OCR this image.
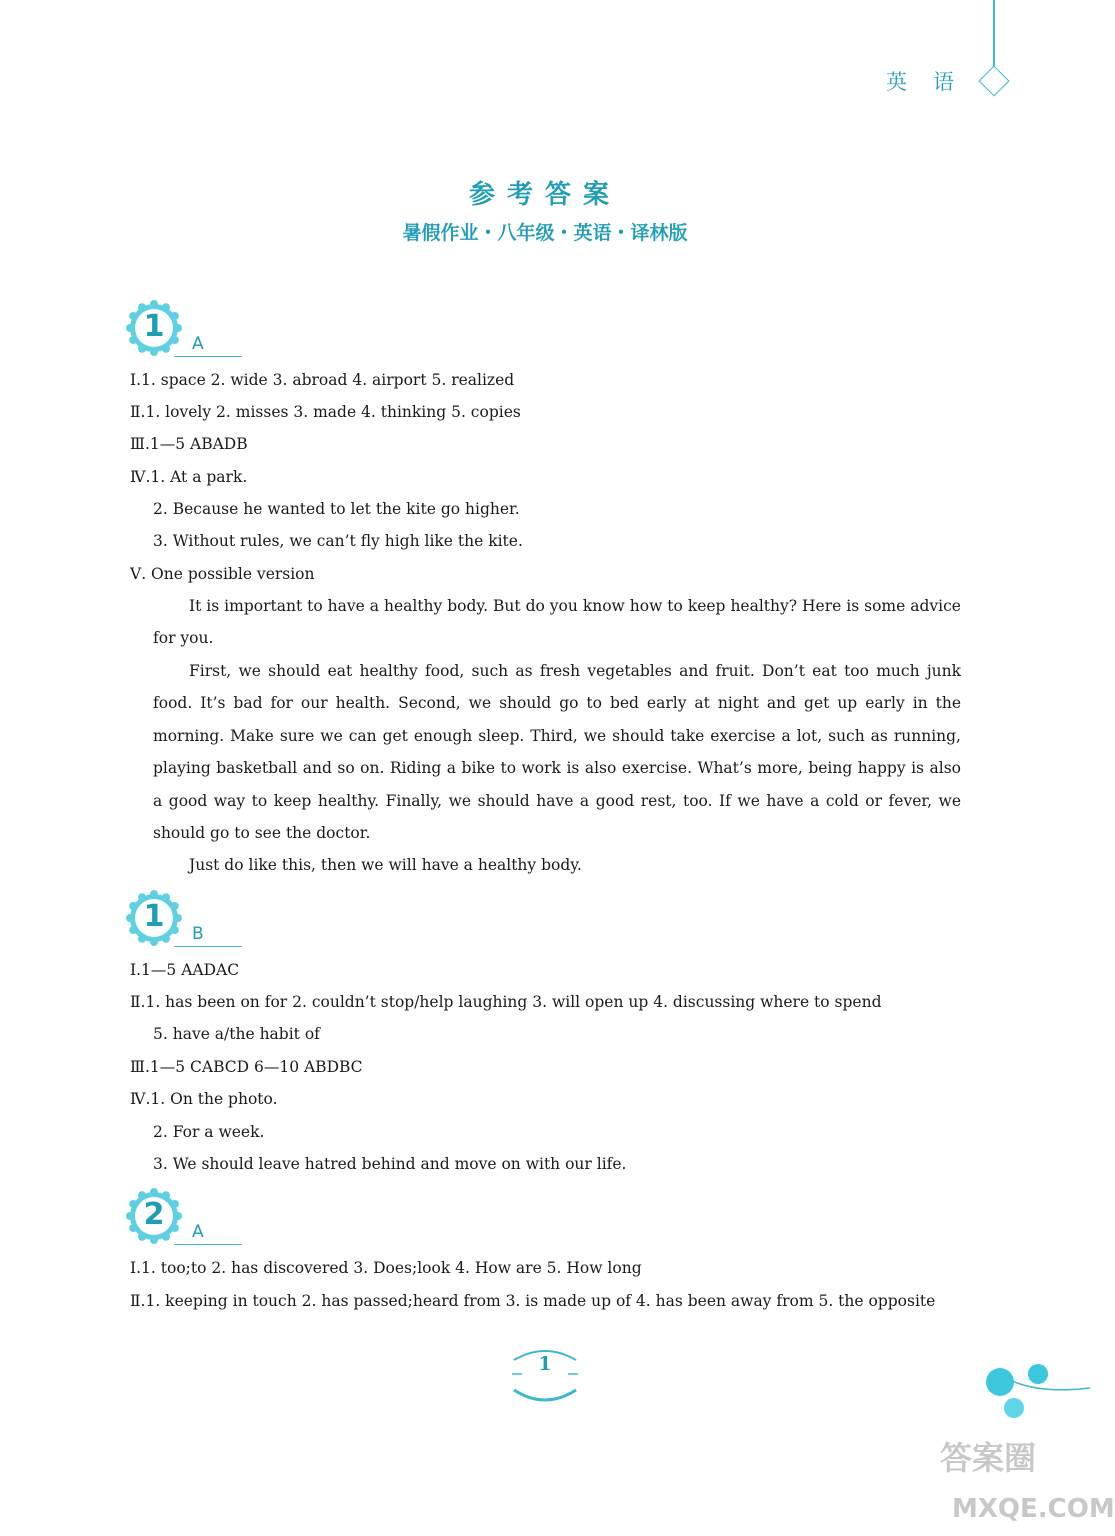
英语
参考答案
暑假作业・八年级・英语・译林版
1	A
Ⅰ.1. space 2. wide 3. abroad 4. airport 5. realized
Ⅱ.1. lovely 2. misses 3. made 4. thinking 5. copies
Ⅲ.1—5 ABADB
Ⅳ.1. At a park.
2. Because he wanted to let the kite go higher.
3. Without rules, we can’t fly high like the kite.
Ⅴ. One possible version
It is important to have a healthy body. But do you know how to keep healthy? Here is some advice for you.
First, we should eat healthy food, such as fresh vegetables and fruit. Don’t eat too much junk food. It’s bad for our health. Second, we should go to bed early at night and get up early in the morning. Make sure we can get enough sleep. Third, we should take exercise a lot, such as running, playing basketball and so on. Riding a bike to work is also exercise. What’s more, being happy is also a good way to keep healthy. Finally, we should have a good rest, too. If we have a cold or fever, we should go to see the doctor.
Just do like this, then we will have a healthy body.
1	B
Ⅰ.1—5 AADAC
Ⅱ.1. has been on for 2. couldn’t stop/help laughing 3. will open up 4. discussing where to spend
5. have a/the habit of
Ⅲ.1—5 CABCD 6—10 ABDBC
Ⅳ.1. On the photo.
2. For a week.
3. We should leave hatred behind and move on with our life.
2	A
Ⅰ.1. too;to 2. has discovered 3. Does;look 4. How are 5. How long
Ⅱ.1. keeping in touch 2. has passed;heard from 3. is made up of 4. has been away from 5. the opposite
1
答案圈
MXQE.COM
